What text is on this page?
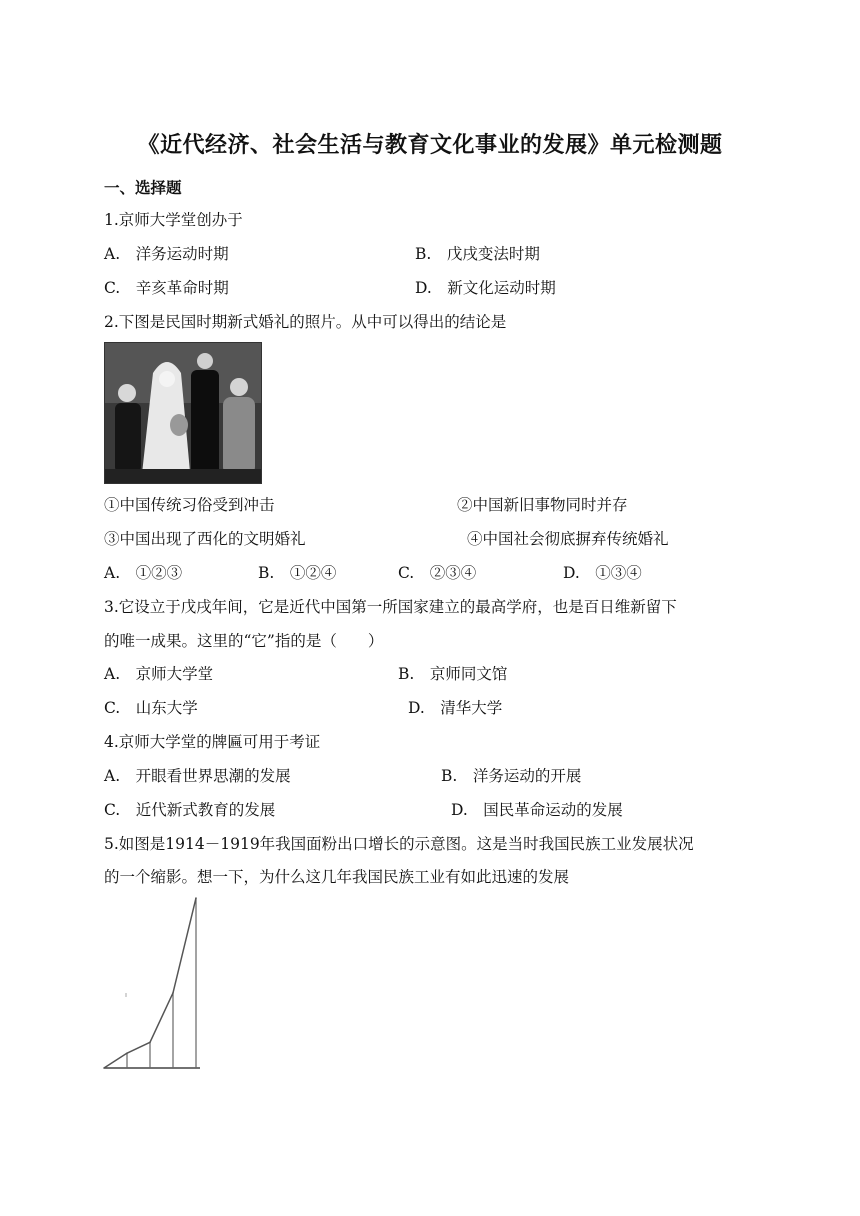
《近代经济、社会生活与教育文化事业的发展》单元检测题
一、选择题
1.京师大学堂创办于
A.　洋务运动时期	B.　戊戌变法时期
C.　辛亥革命时期	D.　新文化运动时期
2.下图是民国时期新式婚礼的照片。从中可以得出的结论是
①中国传统习俗受到冲击	②中国新旧事物同时并存
③中国出现了西化的文明婚礼	④中国社会彻底摒弃传统婚礼
A.　①②③	B.　①②④	C.　②③④	D.　①③④
3.它设立于戊戌年间，它是近代中国第一所国家建立的最高学府，也是百日维新留下
的唯一成果。这里的“它”指的是（　　）
A.　京师大学堂	B.　京师同文馆
C.　山东大学	D.　清华大学
4.京师大学堂的牌匾可用于考证
A.　开眼看世界思潮的发展	B.　洋务运动的开展
C.　近代新式教育的发展	D.　国民革命运动的发展
5.如图是1914－1919年我国面粉出口增长的示意图。这是当时我国民族工业发展状况
的一个缩影。想一下，为什么这几年我国民族工业有如此迅速的发展
